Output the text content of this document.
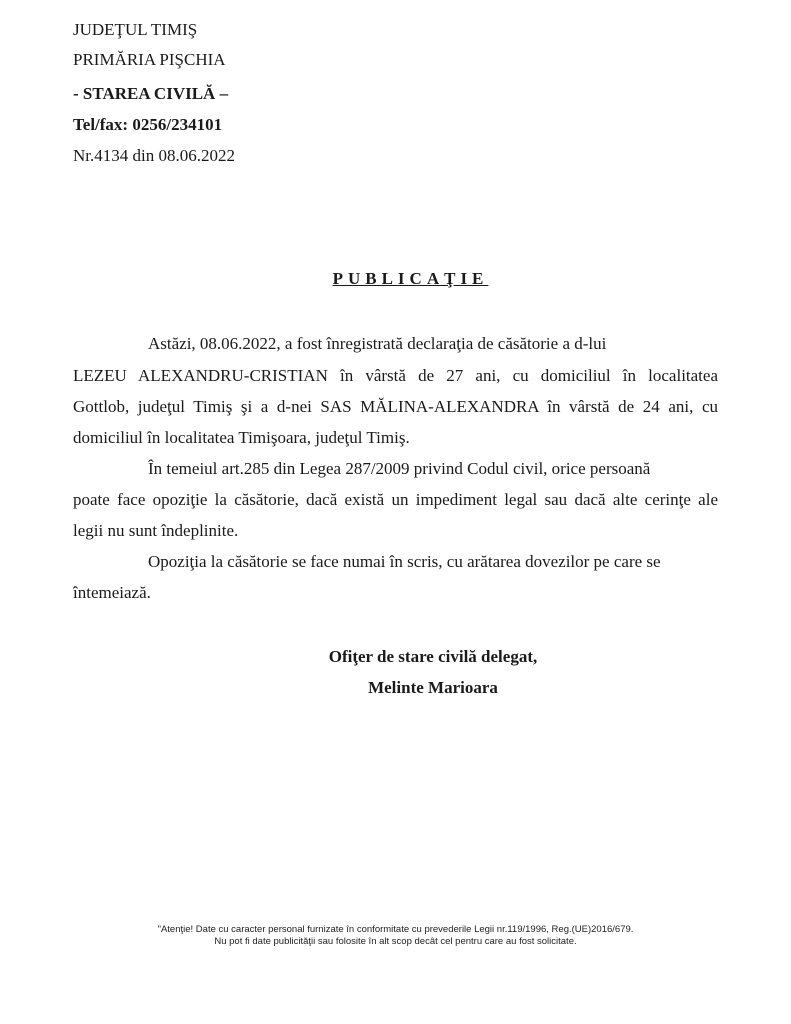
JUDEŢUL TIMIŞ
PRIMĂRIA PIŞCHIA
- STAREA CIVILĂ –
Tel/fax: 0256/234101
Nr.4134 din 08.06.2022
PUBLICAŢIE
Astăzi, 08.06.2022, a fost înregistrată declaraţia de căsătorie a d-lui
LEZEU ALEXANDRU-CRISTIAN în vârstă de 27 ani, cu domiciliul în localitatea
Gottlob, judeţul Timiş şi a d-nei SAS MĂLINA-ALEXANDRA în vârstă de 24 ani, cu
domiciliul în localitatea Timişoara, judeţul Timiş.
În temeiul art.285 din Legea 287/2009 privind Codul civil, orice persoană
poate face opoziţie la căsătorie, dacă există un impediment legal sau dacă alte cerinţe ale
legii nu sunt îndeplinite.
Opoziţia la căsătorie se face numai în scris, cu arătarea dovezilor pe care se
întemeiază.
Ofiţer de stare civilă delegat,
Melinte Marioara
"Atenţie! Date cu caracter personal furnizate în conformitate cu prevederile Legii nr.119/1996, Reg.(UE)2016/679.
Nu pot fi date publicităţii sau folosite în alt scop decât cel pentru care au fost solicitate.
